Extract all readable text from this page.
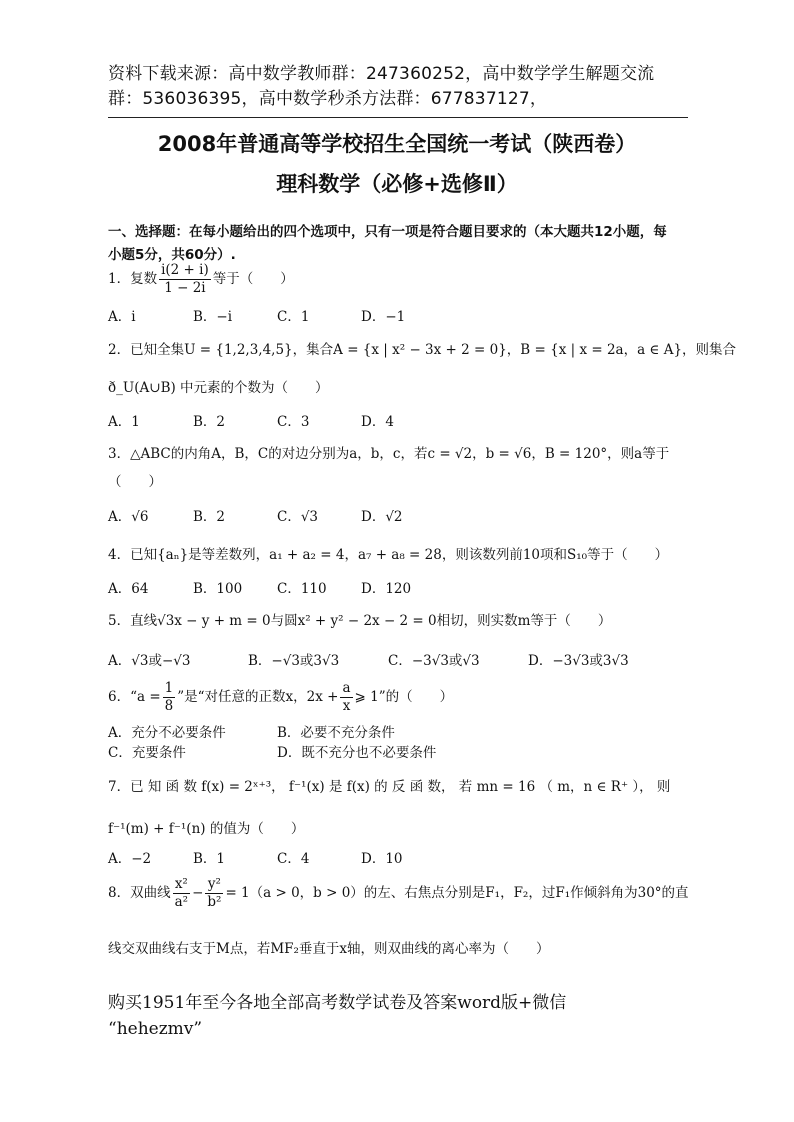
资料下载来源：高中数学教师群：247360252，高中数学学生解题交流
群：536036395，高中数学秒杀方法群：677837127，
2008年普通高等学校招生全国统一考试（陕西卷）
理科数学（必修+选修Ⅱ）
一、选择题：在每小题给出的四个选项中，只有一项是符合题目要求的（本大题共12小题，每
小题5分，共60分）.
1．复数 $\frac{i(2 + i)}{1 - 2i}$ 等于（　　）
A．i	B．−i	C．1	D．−1
2．已知全集U = {1,2,3,4,5}，集合A = {x | x² − 3x + 2 = 0}，B = {x | x = 2a，a ∈ A}，则集合
ð_U(A∪B) 中元素的个数为（　　）
A．1	B．2	C．3	D．4
3．△ABC的内角A，B，C的对边分别为a，b，c，若c = √2，b = √6，B = 120°，则a等于
（　　）
A．√6	B．2	C．√3	D．√2
4．已知{aₙ}是等差数列，a₁ + a₂ = 4，a₇ + a₈ = 28，则该数列前10项和S₁₀等于（　　）
A．64	B．100	C．110	D．120
5．直线√3x − y + m = 0与圆x² + y² − 2x − 2 = 0相切，则实数m等于（　　）
A．√3或−√3	B．−√3或3√3	C．−3√3或√3	D．−3√3或3√3
6．“$a = \frac{1}{8}$ ”是“对任意的正数x，$2x + \frac{a}{x}$ ⩾ 1”的（　　）
A．充分不必要条件	B．必要不充分条件
C．充要条件	D．既不充分也不必要条件
7．已 知 函 数 f(x) = 2ˣ⁺³， f⁻¹(x) 是 f(x) 的 反 函 数， 若 mn = 16 （ m，n ∈ R⁺ ）， 则
f⁻¹(m) + f⁻¹(n) 的值为（　　）
A．−2	B．1	C．4	D．10
8．双曲线 $\frac{\text{x²}}{\text{a²}} - \frac{\text{y²}}{\text{b²}} = 1(a > 0$，b > 0）的左、右焦点分别是F₁，F₂，过F₁作倾斜角为30°的直
线交双曲线右支于M点，若MF₂垂直于x轴，则双曲线的离心率为（　　）
购买1951年至今各地全部高考数学试卷及答案word版+微信
“hehezmv”
